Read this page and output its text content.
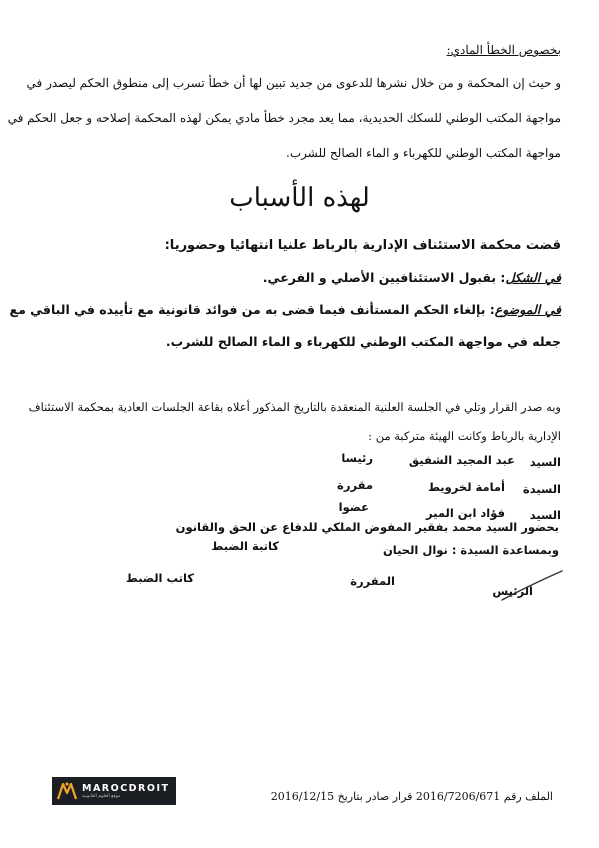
بخصوص الخطأ المادي:

و حيث إن المحكمة و من خلال نشرها للدعوى من جديد تبين لها أن خطأ تسرب إلى منطوق الحكم ليصدر في

مواجهة المكتب الوطني للسكك الحديدية، مما يعد مجرد خطأ مادي يمكن لهذه المحكمة إصلاحه و جعل الحكم في

مواجهة المكتب الوطني للكهرباء و الماء الصالح للشرب.

لهذه الأسباب

قضت محكمة الاستئناف الإدارية بالرباط علنيا انتهائيا وحضوريا:

في الشكل: بقبول الاستئنافيين الأصلي و الفرعي.

في الموضوع: بإلغاء الحكم المستأنف فيما قضى به من فوائد قانونية مع تأييده في الباقي مع

جعله في مواجهة المكتب الوطني للكهرباء و الماء الصالح للشرب.

وبه صدر القرار وتلي في الجلسة العلنية المنعقدة بالتاريخ المذكور أعلاه بقاعة الجلسات العادية بمحكمة الاستئناف

الإدارية بالرباط وكانت الهيئة متركبة من :

السيد
عبد المجيد الشفيق
رئيسا
السيدة
أمامة لخرويط
مقررة
السيد
فؤاد ابن المير
عضوا

بحضور السيد محمد بفقير المفوض الملكي للدفاع عن الحق والقانون

وبمساعدة السيدة : نوال الحيان

كاتبة الضبط
الرئيس
المقررة
كاتب الضبط
الملف رقم 2016/7206/671 قرار صادر بتاريخ 2016/12/15
MAROCDROIT
موقع العلوم القانونية
